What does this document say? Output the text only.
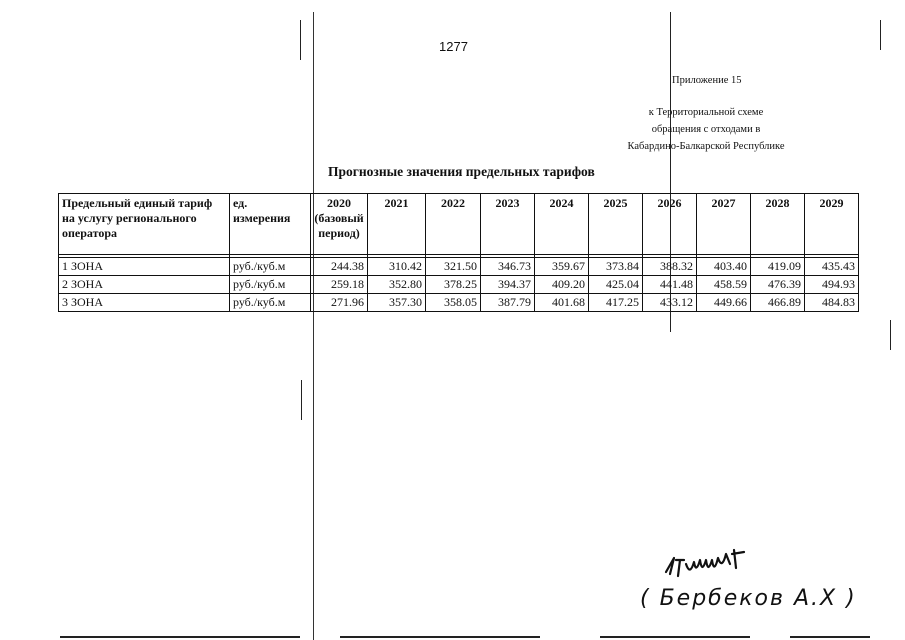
1277
Приложение 15
к Территориальной схеме
обращения с отходами в
Кабардино-Балкарской Республике
Прогнозные значения предельных тарифов
Предельный единый тариф на услугу регионального оператора	ед. измерения	2020 (базовый период)	2021	2022	2023	2024	2025	2026	2027	2028	2029

1 ЗОНА	руб./куб.м	244.38	310.42	321.50	346.73	359.67	373.84	388.32	403.40	419.09	435.43
2 ЗОНА	руб./куб.м	259.18	352.80	378.25	394.37	409.20	425.04	441.48	458.59	476.39	494.93
3 ЗОНА	руб./куб.м	271.96	357.30	358.05	387.79	401.68	417.25	433.12	449.66	466.89	484.83
( Бербеков А.Х )
